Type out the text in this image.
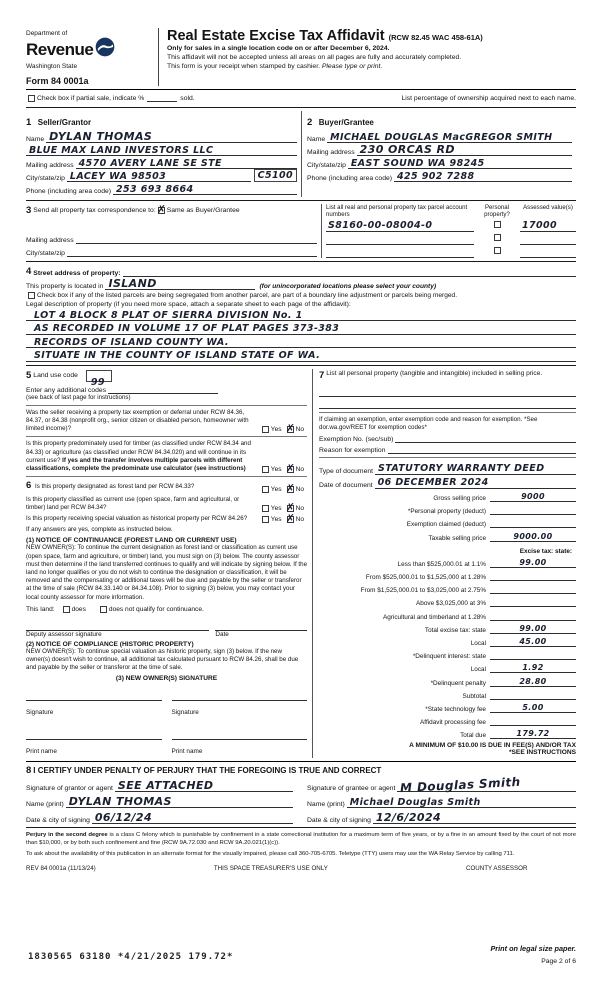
Department of
Revenue
Washington State
Form 84 0001a
Real Estate Excise Tax Affidavit (RCW 82.45 WAC 458-61A)
Only for sales in a single location code on or after December 6, 2024.
This affidavit will not be accepted unless all areas on all pages are fully and accurately completed.
This form is your receipt when stamped by cashier. Please type or print.
Check box if partial sale, indicate %	sold.	List percentage of ownership acquired next to each name.
1 Seller/Grantor
Name DYLAN THOMAS
BLUE MAX LAND INVESTORS LLC
Mailing address 4570 AVERY LANE SE STE
City/state/zip LACEY WA 98503	C5100
Phone (including area code) 253 693 8664
2 Buyer/Grantee
Name MICHAEL DOUGLAS MacGREGOR SMITH
Mailing address 230 ORCAS RD
City/state/zip EAST SOUND WA 98245
Phone (including area code) 425 902 7288
3 Send all property tax correspondence to: ✗ Same as Buyer/Grantee
Mailing address
City/state/zip
List all real and personal property tax parcel account numbers
Personal property?
Assessed value(s)
S8160-00-08004-0	17000
4 Street address of property:
This property is located in ISLAND	(for unincorporated locations please select your county)
Check box if any of the listed parcels are being segregated from another parcel, are part of a boundary line adjustment or parcels being merged.
Legal description of property (if you need more space, attach a separate sheet to each page of the affidavit):
LOT 4 BLOCK 8 PLAT OF SIERRA DIVISION No. 1
AS RECORDED IN VOLUME 17 OF PLAT PAGES 373-383
RECORDS OF ISLAND COUNTY WA.
SITUATE IN THE COUNTY OF ISLAND STATE OF WA.
5 Land use code
99
Enter any additional codes
(see back of last page for instructions)
Was the seller receiving a property tax exemption or deferral under RCW 84.36, 84.37, or 84.38 (nonprofit org., senior citizen or disabled person, homeowner with limited income)?	Yes ✗ No
Is this property predominately used for timber (as classified under RCW 84.34 and 84.33) or agriculture (as classified under RCW 84.34.020) and will continue in its current use? If yes and the transfer involves multiple parcels with different classifications, complete the predominate use calculator (see instructions)	Yes ✗ No
6 Is this property designated as forest land per RCW 84.33?	Yes ✗ No
Is this property classified as current use (open space, farm and agricultural, or timber) land per RCW 84.34?	Yes ✗ No
Is this property receiving special valuation as historical property per RCW 84.26?	Yes ✗ No
If any answers are yes, complete as instructed below.
(1) NOTICE OF CONTINUANCE (FOREST LAND OR CURRENT USE)
NEW OWNER(S): To continue the current designation as forest land or classification as current use (open space, farm and agriculture, or timber) land, you must sign on (3) below. The county assessor must then determine if the land transferred continues to qualify and will indicate by signing below. If the land no longer qualifies or you do not wish to continue the designation or classification, it will be removed and the compensating or additional taxes will be due and payable by the seller or transferor at the time of sale (RCW 84.33.140 or 84.34.108). Prior to signing (3) below, you may contact your local county assessor for more information.
This land:	does	does not qualify for continuance.
Deputy assessor signature	Date
(2) NOTICE OF COMPLIANCE (HISTORIC PROPERTY)
NEW OWNER(S): To continue special valuation as historic property, sign (3) below. If the new owner(s) doesn't wish to continue, all additional tax calculated pursuant to RCW 84.26, shall be due and payable by the seller or transferor at the time of sale.
(3) NEW OWNER(S) SIGNATURE
Signature	Signature
Print name	Print name
7 List all personal property (tangible and intangible) included in selling price.
If claiming an exemption, enter exemption code and reason for exemption. *See dor.wa.gov/REET for exemption codes*
Exemption No. (sec/sub)
Reason for exemption
Type of document STATUTORY WARRANTY DEED
Date of document 06 DECEMBER 2024
Gross selling price	9000
*Personal property (deduct)
Exemption claimed (deduct)
Taxable selling price	9000.00
Excise tax: state:
Less than $525,000.01 at 1.1%	99.00
From $525,000.01 to $1,525,000 at 1.28%
From $1,525,000.01 to $3,025,000 at 2.75%
Above $3,025,000 at 3%
Agricultural and timberland at 1.28%
Total excise tax: state	99.00
Local	45.00
*Delinquent interest: state
Local	1.92
*Delinquent penalty	28.80
Subtotal
*State technology fee	5.00
Affidavit processing fee
Total due	179.72
A MINIMUM OF $10.00 IS DUE IN FEE(S) AND/OR TAX
*SEE INSTRUCTIONS
8 I CERTIFY UNDER PENALTY OF PERJURY THAT THE FOREGOING IS TRUE AND CORRECT
Signature of grantor or agent SEE ATTACHED
Name (print) DYLAN THOMAS
Date & city of signing 06/12/24
Signature of grantee or agent M Douglas Smith
Name (print) Michael Douglas Smith
Date & city of signing 12/6/2024
Perjury in the second degree is a class C felony which is punishable by confinement in a state correctional institution for a maximum term of five years, or by a fine in an amount fixed by the court of not more than $10,000, or by both such confinement and fine (RCW 9A.72.030 and RCW 9A.20.021(1)(c)).
To ask about the availability of this publication in an alternate format for the visually impaired, please call 360-705-6705. Teletype (TTY) users may use the WA Relay Service by calling 711.
REV 84 0001a (11/13/24)	THIS SPACE TREASURER'S USE ONLY	COUNTY ASSESSOR
1830565 63180 *4/21/2025 179.72*
Print on legal size paper.
Page 2 of 6
